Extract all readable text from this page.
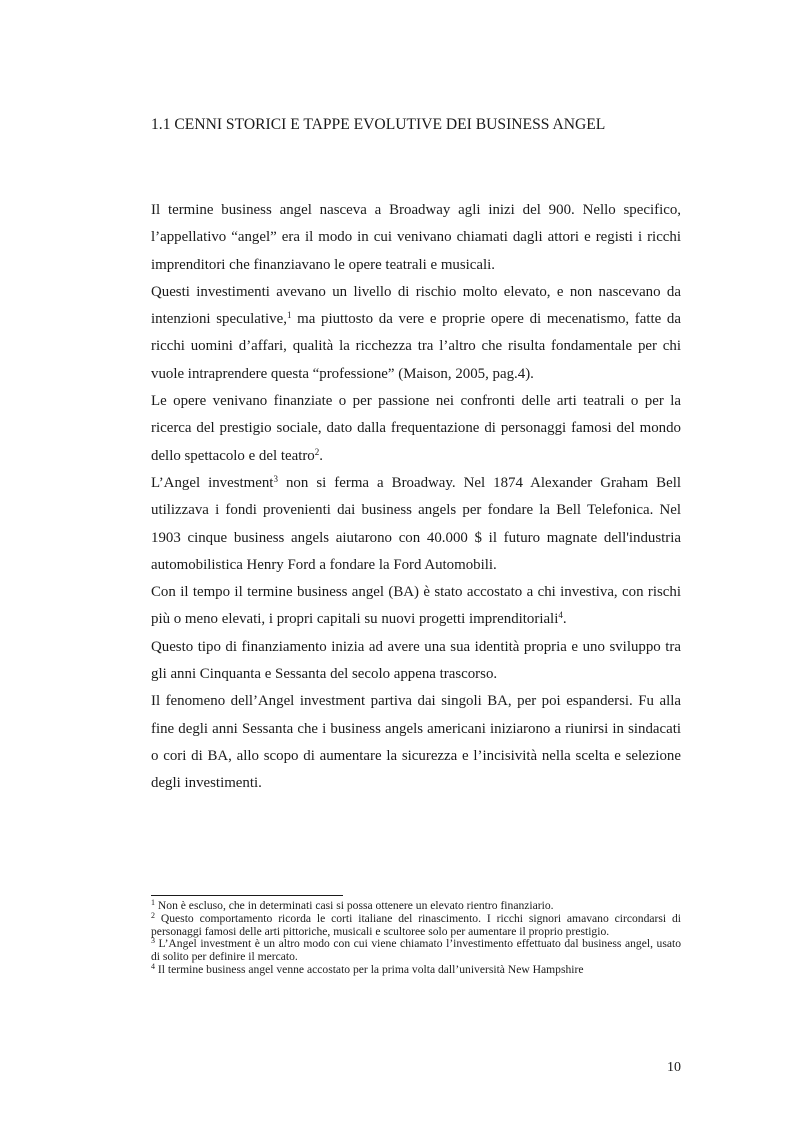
1.1 CENNI STORICI E TAPPE EVOLUTIVE DEI BUSINESS ANGEL

Il termine business angel nasceva a Broadway agli inizi del 900. Nello specifico, l’appellativo “angel” era il modo in cui venivano chiamati dagli attori e registi i ricchi imprenditori che finanziavano le opere teatrali e musicali.

Questi investimenti avevano un livello di rischio molto elevato, e non nascevano da intenzioni speculative,$^1$ ma piuttosto da vere e proprie opere di mecenatismo, fatte da ricchi uomini d’affari, qualità la ricchezza tra l’altro che risulta fondamentale per chi vuole intraprendere questa “professione” (Maison, 2005, pag.4).

Le opere venivano finanziate o per passione nei confronti delle arti teatrali o per la ricerca del prestigio sociale, dato dalla frequentazione di personaggi famosi del mondo dello spettacolo e del teatro$^2$.

L’Angel investment$^3$ non si ferma a Broadway. Nel 1874 Alexander Graham Bell utilizzava i fondi provenienti dai business angels per fondare la Bell Telefonica. Nel 1903 cinque business angels aiutarono con 40.000 $ il futuro magnate dell'industria automobilistica Henry Ford a fondare la Ford Automobili.

Con il tempo il termine business angel (BA) è stato accostato a chi investiva, con rischi più o meno elevati, i propri capitali su nuovi progetti imprenditoriali$^4$.

Questo tipo di finanziamento inizia ad avere una sua identità propria e uno sviluppo tra gli anni Cinquanta e Sessanta del secolo appena trascorso.

Il fenomeno dell’Angel investment partiva dai singoli BA, per poi espandersi. Fu alla fine degli anni Sessanta che i business angels americani iniziarono a riunirsi in sindacati o cori di BA, allo scopo di aumentare la sicurezza e l’incisività nella scelta e selezione degli investimenti.

$^1$ Non è escluso, che in determinati casi si possa ottenere un elevato rientro finanziario.

$^2$ Questo comportamento ricorda le corti italiane del rinascimento. I ricchi signori amavano circondarsi di personaggi famosi delle arti pittoriche, musicali e scultoree solo per aumentare il proprio prestigio.

$^3$ L’Angel investment è un altro modo con cui viene chiamato l’investimento effettuato dal business angel, usato di solito per definire il mercato.

$^4$ Il termine business angel venne accostato per la prima volta dall’università New Hampshire

10
